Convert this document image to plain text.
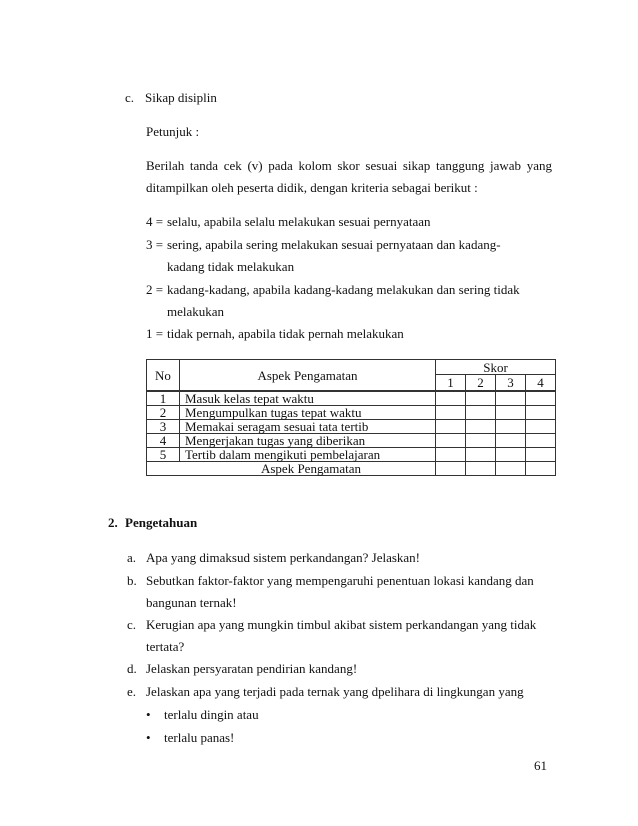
c. Sikap disiplin
Petunjuk :
Berilah tanda cek (v) pada kolom skor sesuai sikap tanggung jawab yang
ditampilkan oleh peserta didik, dengan kriteria sebagai berikut :
4 = selalu, apabila selalu melakukan sesuai pernyataan
3 = sering, apabila sering melakukan sesuai pernyataan dan kadang-
kadang tidak melakukan
2 = kadang-kadang, apabila kadang-kadang melakukan dan sering tidak
melakukan
1 = tidak pernah, apabila tidak pernah melakukan
No	Aspek Pengamatan	Skor			
		1	2	3	4
1	Masuk kelas tepat waktu				
2	Mengumpulkan tugas tepat waktu				
3	Memakai seragam sesuai tata tertib				
4	Mengerjakan tugas yang diberikan				
5	Tertib dalam mengikuti pembelajaran				
Aspek Pengamatan					
2. Pengetahuan
a. Apa yang dimaksud sistem perkandangan? Jelaskan!
b. Sebutkan faktor-faktor yang mempengaruhi penentuan lokasi kandang dan
bangunan ternak!
c. Kerugian apa yang mungkin timbul akibat sistem perkandangan yang tidak
tertata?
d. Jelaskan persyaratan pendirian kandang!
e. Jelaskan apa yang terjadi pada ternak yang dpelihara di lingkungan yang
• terlalu dingin atau
• terlalu panas!
61
